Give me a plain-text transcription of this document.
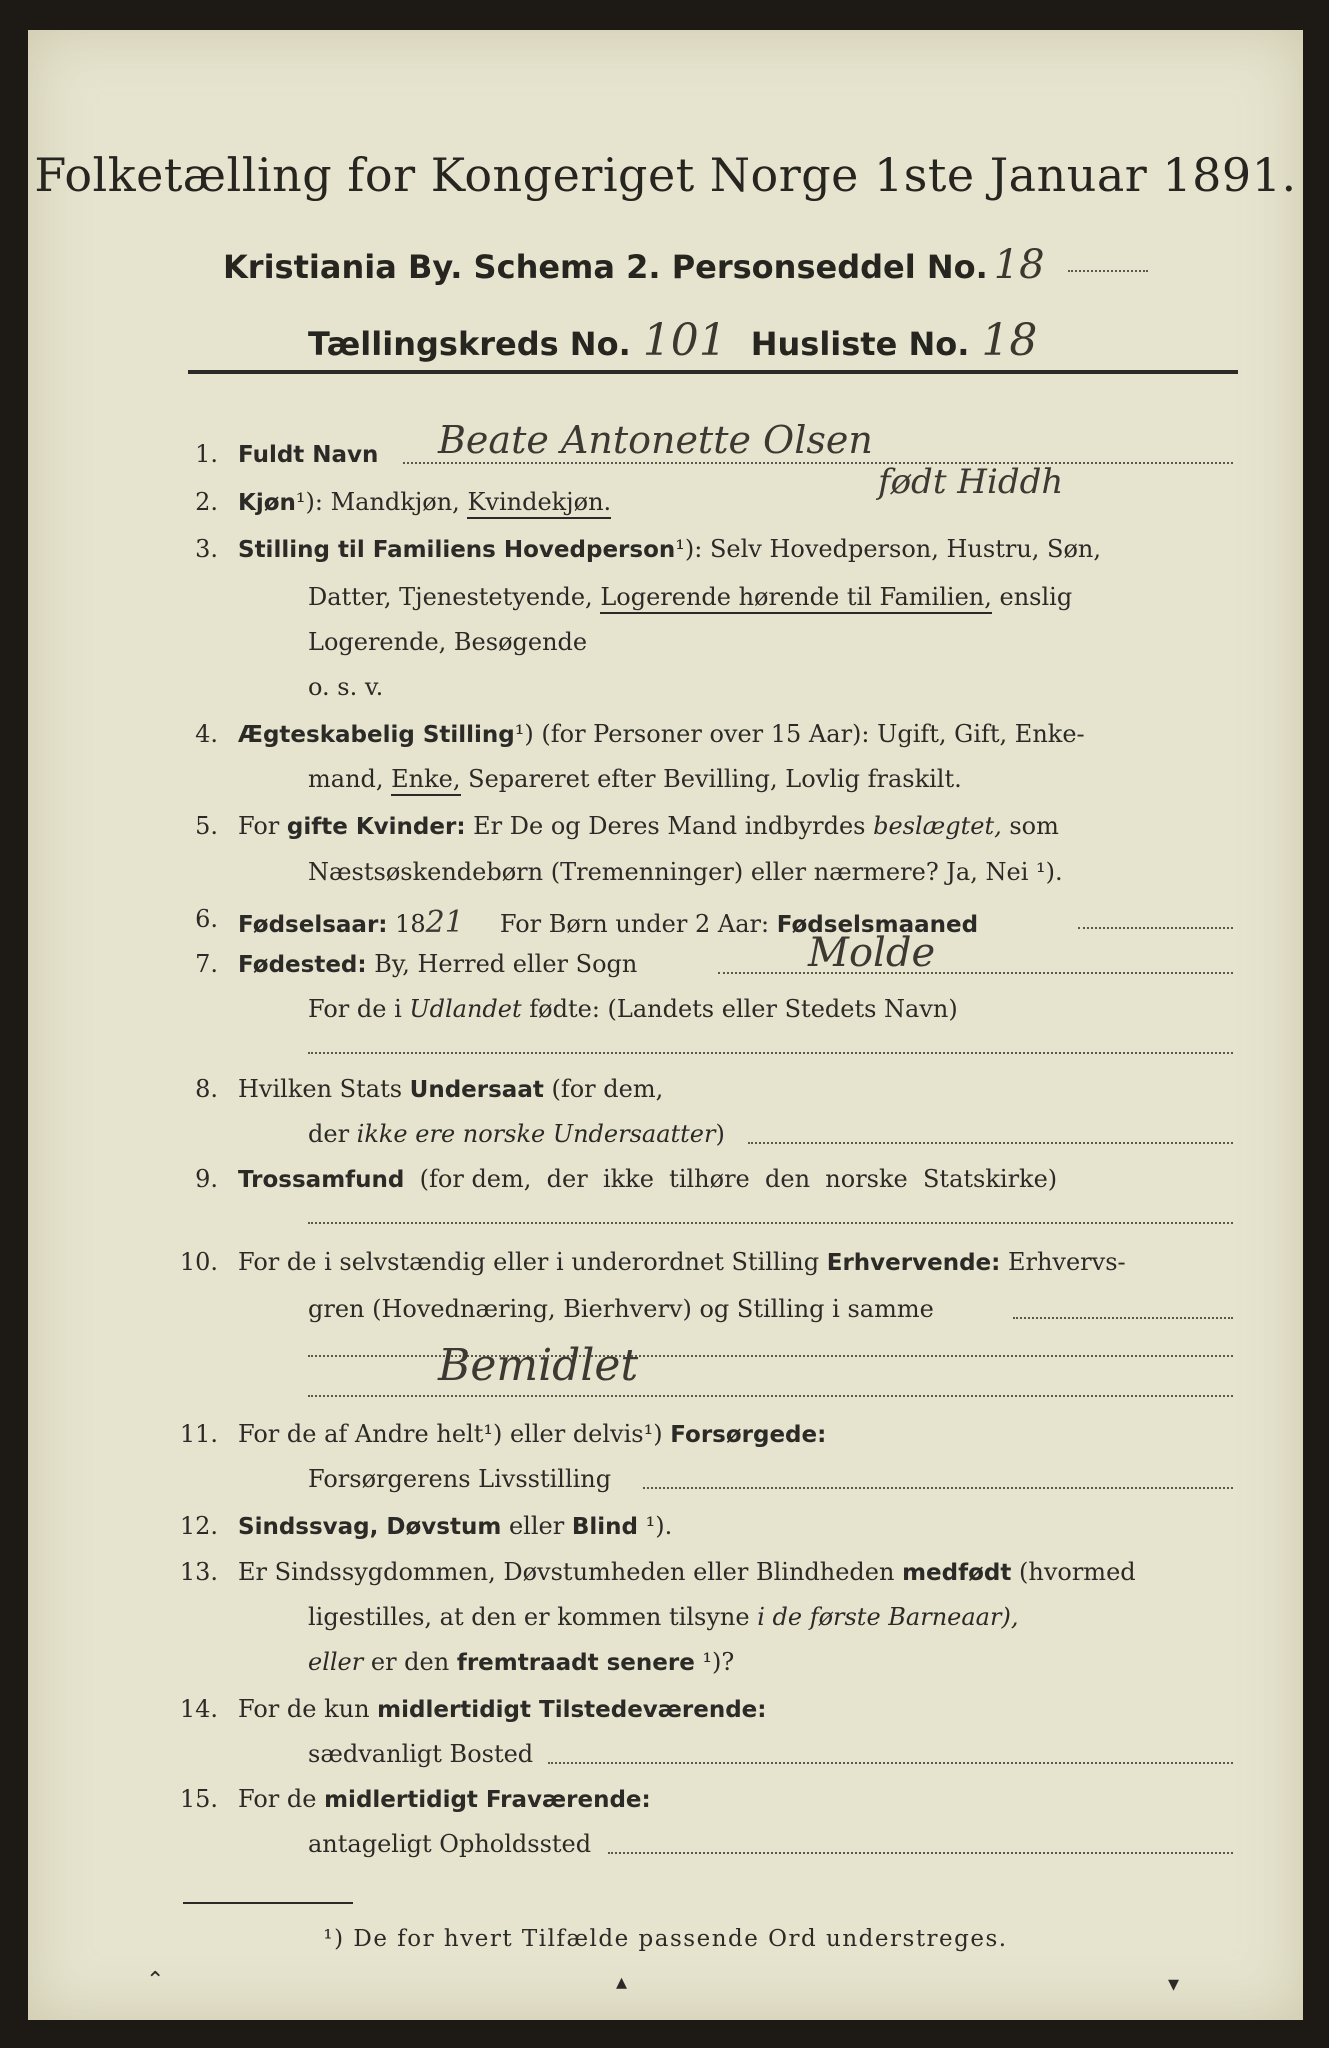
Folketælling for Kongeriget Norge 1ste Januar 1891.
Kristiania By. Schema 2. Personseddel No. 18
Tællingskreds No. 101 Husliste No. 18
1. Fuldt Navn Beate Antonette Olsen
født Hiddh
2. Kjøn¹): Mandkjøn, Kvindekjøn.
3. Stilling til Familiens Hovedperson¹): Selv Hovedperson, Hustru, Søn,
Datter, Tjenestetyende, Logerende hørende til Familien, enslig
Logerende, Besøgende
o. s. v.
4. Ægteskabelig Stilling¹) (for Personer over 15 Aar): Ugift, Gift, Enke-
mand, Enke, Separeret efter Bevilling, Lovlig fraskilt.
5. For gifte Kvinder: Er De og Deres Mand indbyrdes beslægtet, som
Næstsøskendebørn (Tremenninger) eller nærmere? Ja, Nei ¹).
6. Fødselsaar: 1821 For Børn under 2 Aar: Fødselsmaaned
7. Fødested: By, Herred eller Sogn	Molde
For de i Udlandet fødte: (Landets eller Stedets Navn)
8. Hvilken Stats Undersaat (for dem,
der ikke ere norske Undersaatter)
9. Trossamfund  (for dem,  der  ikke  tilhøre  den  norske  Statskirke)
10. For de i selvstændig eller i underordnet Stilling Erhvervende: Erhvervs-
gren (Hovednæring, Bierhverv) og Stilling i samme
Bemidlet
11. For de af Andre helt¹) eller delvis¹) Forsørgede:
Forsørgerens Livsstilling
12. Sindssvag, Døvstum eller Blind ¹).
13. Er Sindssygdommen, Døvstumheden eller Blindheden medfødt (hvormed
ligestilles, at den er kommen tilsyne i de første Barneaar),
eller er den fremtraadt senere ¹)?
14. For de kun midlertidigt Tilstedeværende:
sædvanligt Bosted
15. For de midlertidigt Fraværende:
antageligt Opholdssted
¹) De for hvert Tilfælde passende Ord understreges.
⌃	▴	▾
